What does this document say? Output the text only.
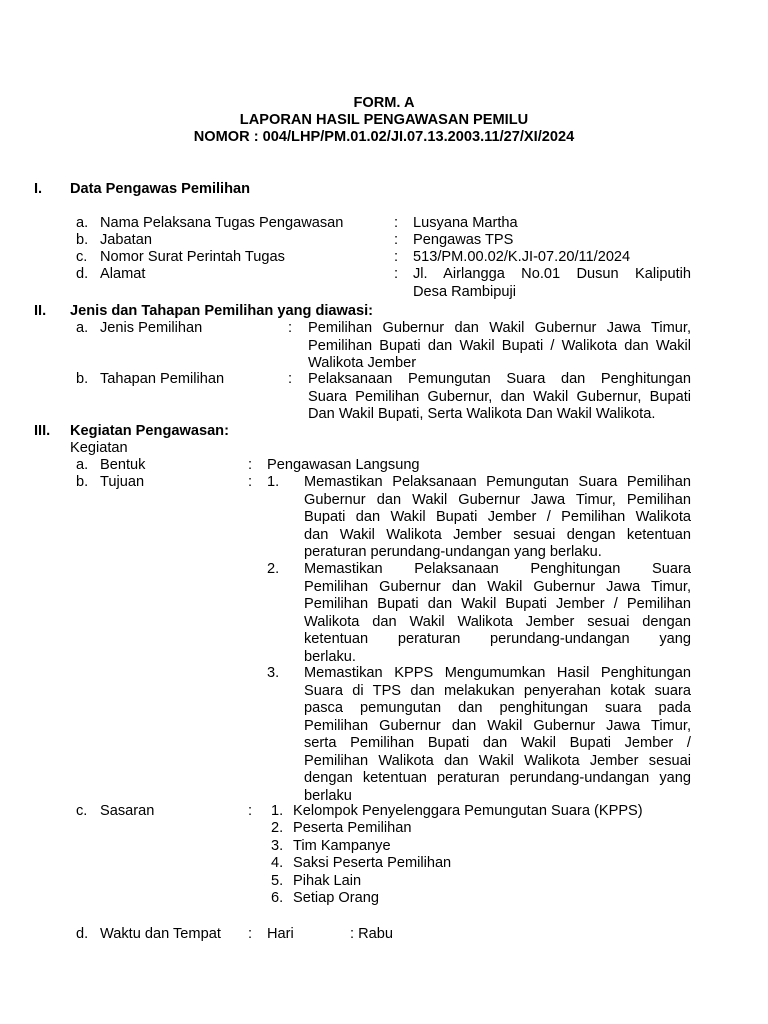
FORM. A
LAPORAN HASIL PENGAWASAN PEMILU
NOMOR : 004/LHP/PM.01.02/JI.07.13.2003.11/27/XI/2024
I. Data Pengawas Pemilihan
a. Nama Pelaksana Tugas Pengawasan	: Lusyana Martha
b. Jabatan	: Pengawas TPS
c. Nomor Surat Perintah Tugas	: 513/PM.00.02/K.JI-07.20/11/2024
d. Alamat	: Jl. Airlangga No.01 Dusun Kaliputih
Desa Rambipuji
II. Jenis dan Tahapan Pemilihan yang diawasi:
a. Jenis Pemilihan	: Pemilihan Gubernur dan Wakil Gubernur Jawa Timur,
Pemilihan Bupati dan Wakil Bupati / Walikota dan Wakil
Walikota Jember
b. Tahapan Pemilihan	: Pelaksanaan Pemungutan Suara dan Penghitungan
Suara Pemilihan Gubernur, dan Wakil Gubernur, Bupati
Dan Wakil Bupati, Serta Walikota Dan Wakil Walikota.
III. Kegiatan Pengawasan:
Kegiatan
a. Bentuk	: Pengawasan Langsung
b. Tujuan	: 1. Memastikan Pelaksanaan Pemungutan Suara Pemilihan
Gubernur dan Wakil Gubernur Jawa Timur, Pemilihan
Bupati dan Wakil Bupati Jember / Pemilihan Walikota
dan Wakil Walikota Jember sesuai dengan ketentuan
peraturan perundang-undangan yang berlaku.
2. Memastikan Pelaksanaan Penghitungan Suara
Pemilihan Gubernur dan Wakil Gubernur Jawa Timur,
Pemilihan Bupati dan Wakil Bupati Jember / Pemilihan
Walikota dan Wakil Walikota Jember sesuai dengan
ketentuan peraturan perundang-undangan yang
berlaku.
3. Memastikan KPPS Mengumumkan Hasil Penghitungan
Suara di TPS dan melakukan penyerahan kotak suara
pasca pemungutan dan penghitungan suara pada
Pemilihan Gubernur dan Wakil Gubernur Jawa Timur,
serta Pemilihan Bupati dan Wakil Bupati Jember /
Pemilihan Walikota dan Wakil Walikota Jember sesuai
dengan ketentuan peraturan perundang-undangan yang
berlaku
c. Sasaran	: 1. Kelompok Penyelenggara Pemungutan Suara (KPPS)
2. Peserta Pemilihan
3. Tim Kampanye
4. Saksi Peserta Pemilihan
5. Pihak Lain
6. Setiap Orang
d. Waktu dan Tempat : Hari	: Rabu
